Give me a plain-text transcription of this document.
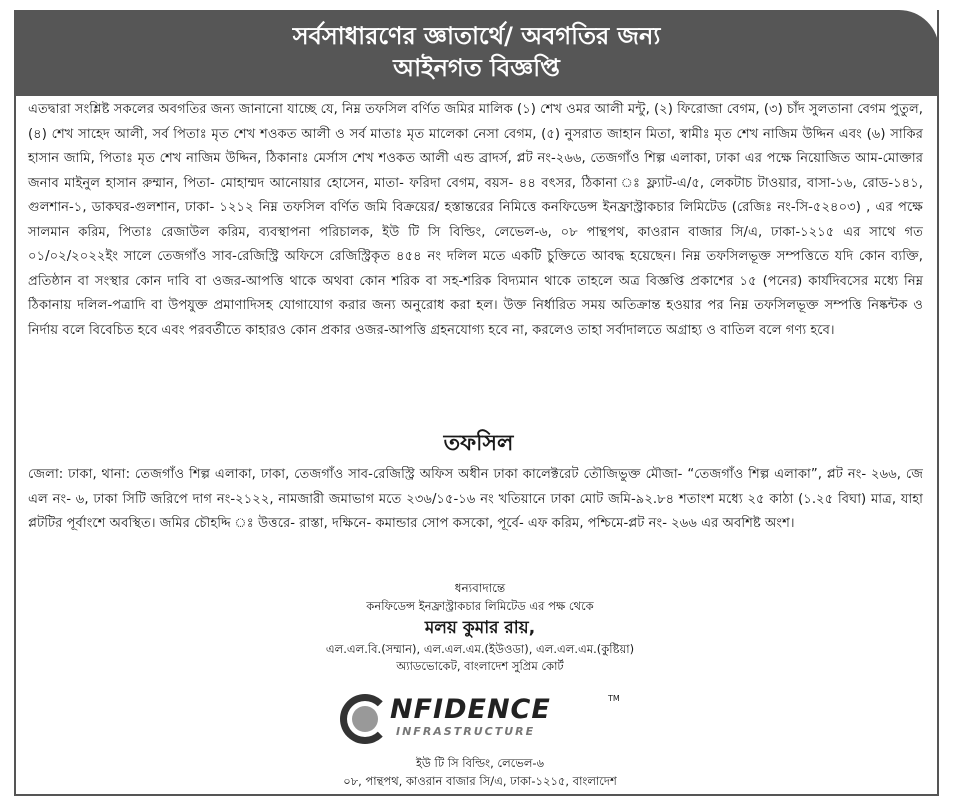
সর্বসাধারণের জ্ঞাতার্থে/ অবগতির জন্য
আইনগত বিজ্ঞপ্তি
এতদ্বারা সংশ্লিষ্ট সকলের অবগতির জন্য জানানো যাচ্ছে যে, নিম্ন তফসিল বর্ণিত জমির মালিক (১) শেখ ওমর আলী মন্টু, (২) ফিরোজা বেগম, (৩) চাঁদ সুলতানা বেগম পুতুল, (৪) শেখ সাহেদ আলী, সর্ব পিতাঃ মৃত শেখ শওকত আলী ও সর্ব মাতাঃ মৃত মালেকা নেসা বেগম, (৫) নুসরাত জাহান মিতা, স্বামীঃ মৃত শেখ নাজিম উদ্দিন এবং (৬) সাকির হাসান জামি, পিতাঃ মৃত শেখ নাজিম উদ্দিন, ঠিকানাঃ মের্সাস শেখ শওকত আলী এন্ড ব্রাদর্স, প্লট নং-২৬৬, তেজগাঁও শিল্প এলাকা, ঢাকা এর পক্ষে নিয়োজিত আম-মোক্তার জনাব মাইনুল হাসান রুম্মান, পিতা- মোহাম্মদ আনোয়ার হোসেন, মাতা- ফরিদা বেগম, বয়স- ৪৪ বৎসর, ঠিকানা ঃ ফ্ল্যাট-এ/৫, লেকটাচ টাওয়ার, বাসা-১৬, রোড-১৪১, গুলশান-১, ডাকঘর-গুলশান, ঢাকা- ১২১২ নিম্ন তফসিল বর্ণিত জমি বিক্রয়ের/ হস্তান্তরের নিমিত্তে কনফিডেন্স ইনফ্রাস্ট্রাকচার লিমিটেড (রেজিঃ নং-সি-৫২৪০৩) , এর পক্ষে সালমান করিম, পিতাঃ রেজাউল করিম, ব্যবস্থাপনা পরিচালক, ইউ টি সি বিল্ডিং, লেভেল-৬, ০৮ পান্থপথ, কাওরান বাজার সি/এ, ঢাকা-১২১৫ এর সাথে গত ০১/০২/২০২২ইং সালে তেজগাঁও সাব-রেজিস্ট্রি অফিসে রেজিস্ট্রিকৃত ৪৫৪ নং দলিল মতে একটি চুক্তিতে আবদ্ধ হয়েছেন। নিম্ন তফসিলভূক্ত সম্পত্তিতে যদি কোন ব্যক্তি, প্রতিষ্ঠান বা সংস্থার কোন দাবি বা ওজর-আপত্তি থাকে অথবা কোন শরিক বা সহ-শরিক বিদ্যমান থাকে তাহলে অত্র বিজ্ঞপ্তি প্রকাশের ১৫ (পনের) কার্যদিবসের মধ্যে নিম্ন ঠিকানায় দলিল-পত্রাদি বা উপযুক্ত প্রমাণাদিসহ যোগাযোগ করার জন্য অনুরোধ করা হল। উক্ত নির্ধারিত সময় অতিক্রান্ত হওয়ার পর নিম্ন তফসিলভূক্ত সম্পত্তি নিষ্কন্টক ও নির্দায় বলে বিবেচিত হবে এবং পরবর্তীতে কাহারও কোন প্রকার ওজর-আপত্তি গ্রহনযোগ্য হবে না, করলেও তাহা সর্বাদালতে অগ্রাহ্য ও বাতিল বলে গণ্য হবে।
তফসিল
জেলা: ঢাকা, থানা: তেজগাঁও শিল্প এলাকা, ঢাকা, তেজগাঁও সাব-রেজিস্ট্রি অফিস অধীন ঢাকা কালেক্টরেট তৌজিভুক্ত মৌজা- “তেজগাঁও শিল্প এলাকা”, প্লট নং- ২৬৬, জে এল নং- ৬, ঢাকা সিটি জরিপে দাগ নং-২১২২, নামজারী জমাভাগ মতে ২৩৬/১৫-১৬ নং খতিয়ানে ঢাকা মোট জমি-৯২.৮৪ শতাংশ মধ্যে ২৫ কাঠা (১.২৫ বিঘা) মাত্র, যাহা প্লটটির পূর্বাংশে অবস্থিত। জমির চৌহদ্দি ঃ উত্তরে- রাস্তা, দক্ষিনে- কমান্ডার সোপ কসকো, পূর্বে- এফ করিম, পশ্চিমে-প্লট নং- ২৬৬ এর অবশিষ্ট অংশ।
ধন্যবাদান্তে
কনফিডেন্স ইনফ্রাস্ট্রাকচার লিমিটেড এর পক্ষ থেকে
মলয় কুমার রায়,
এল.এল.বি.(সম্মান), এল.এল.এম.(ইউওডা), এল.এল.এম.(কুষ্টিয়া)
অ্যাডভোকেট, বাংলাদেশ সুপ্রিম কোর্ট
NFIDENCE	TM
INFRASTRUCTURE
ইউ টি সি বিল্ডিং, লেভেল-৬
০৮, পান্থপথ, কাওরান বাজার সি/এ, ঢাকা-১২১৫, বাংলাদেশ
